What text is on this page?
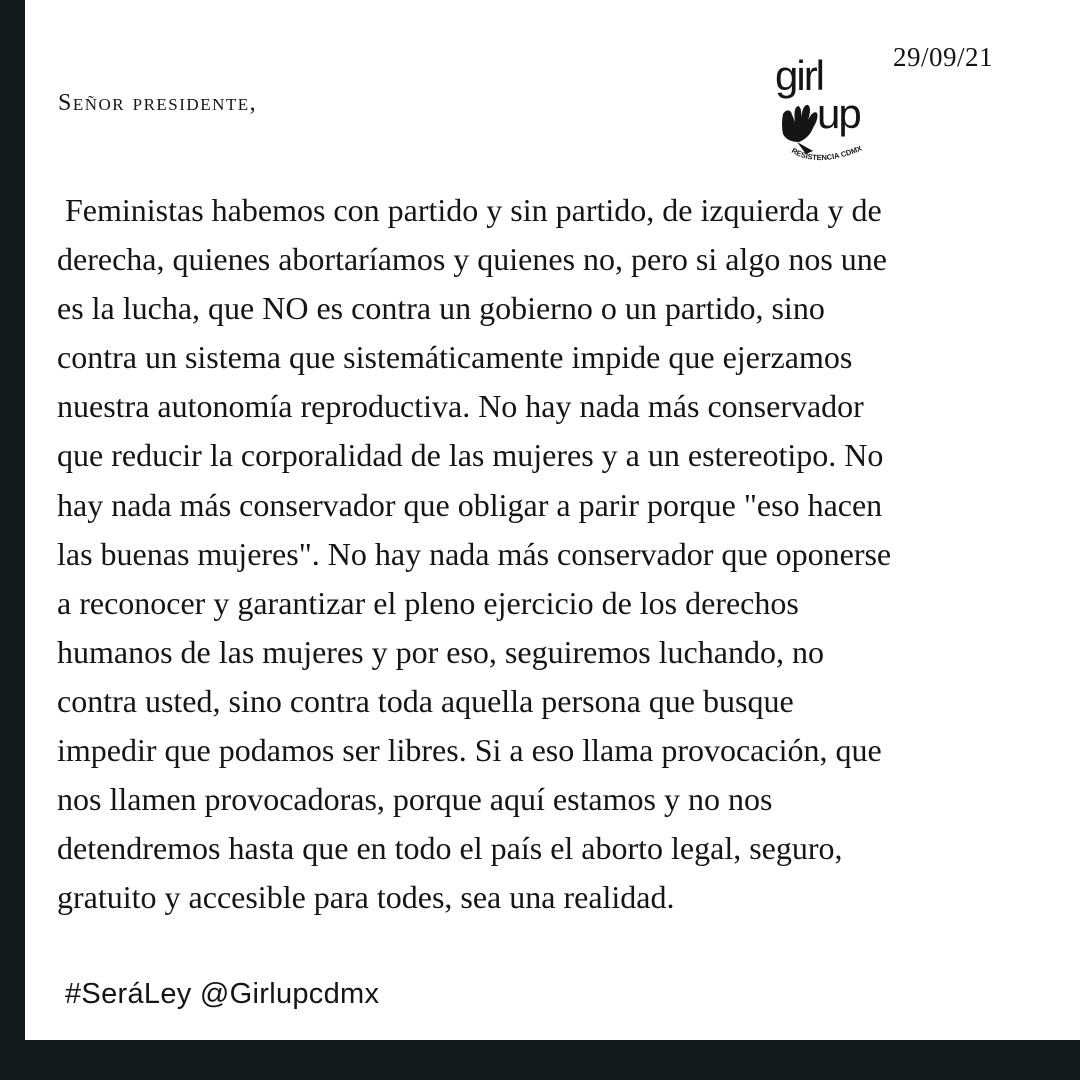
29/09/21
Señor presidente,
girl
up
RESISTENCIA CDMX

Feministas habemos con partido y sin partido, de izquierda y de
derecha, quienes abortaríamos y quienes no, pero si algo nos une
es la lucha, que NO es contra un gobierno o un partido, sino
contra un sistema que sistemáticamente impide que ejerzamos
nuestra autonomía reproductiva. No hay nada más conservador
que reducir la corporalidad de las mujeres y a un estereotipo. No
hay nada más conservador que obligar a parir porque "eso hacen
las buenas mujeres". No hay nada más conservador que oponerse
a reconocer y garantizar el pleno ejercicio de los derechos
humanos de las mujeres y por eso, seguiremos luchando, no
contra usted, sino contra toda aquella persona que busque
impedir que podamos ser libres. Si a eso llama provocación, que
nos llamen provocadoras, porque aquí estamos y no nos
detendremos hasta que en todo el país el aborto legal, seguro,
gratuito y accesible para todes, sea una realidad.

#SeráLey @Girlupcdmx
